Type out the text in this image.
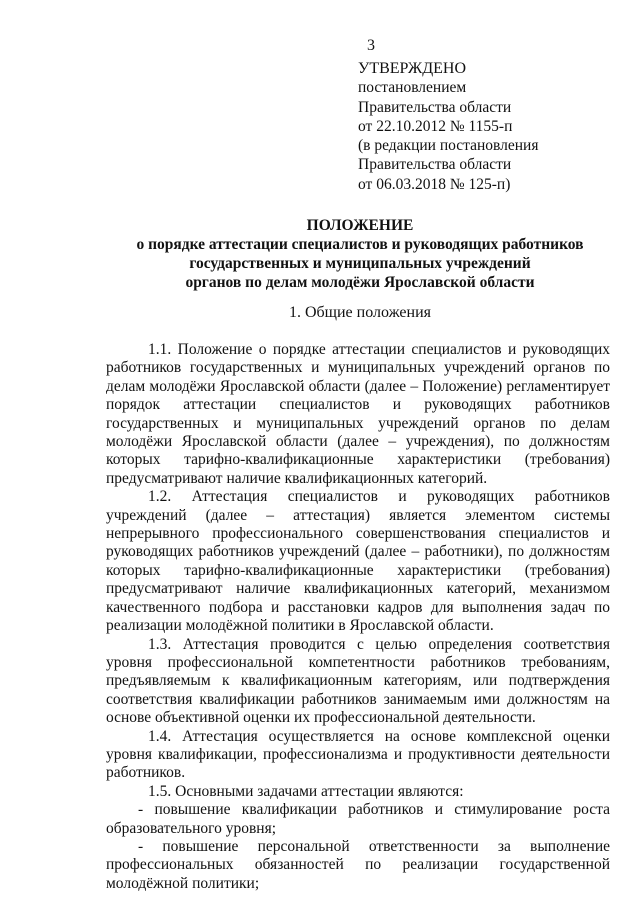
3
УТВЕРЖДЕНО
постановлением
Правительства области
от 22.10.2012 № 1155-п
(в редакции постановления
Правительства области
от 06.03.2018 № 125-п)
ПОЛОЖЕНИЕ
о порядке аттестации специалистов и руководящих работников
государственных и муниципальных учреждений
органов по делам молодёжи Ярославской области
1. Общие положения

1.1. Положение о порядке аттестации специалистов и руководящих работников государственных и муниципальных учреждений органов по делам молодёжи Ярославской области (далее – Положение) регламентирует порядок аттестации специалистов и руководящих работников государственных и муниципальных учреждений органов по делам молодёжи Ярославской области (далее – учреждения), по должностям которых тарифно-квалификационные характеристики (требования) предусматривают наличие квалификационных категорий.

1.2. Аттестация специалистов и руководящих работников учреждений (далее – аттестация) является элементом системы непрерывного профессионального совершенствования специалистов и руководящих работников учреждений (далее – работники), по должностям которых тарифно-квалификационные характеристики (требования) предусматривают наличие квалификационных категорий, механизмом качественного подбора и расстановки кадров для выполнения задач по реализации молодёжной политики в Ярославской области.

1.3. Аттестация проводится с целью определения соответствия уровня профессиональной компетентности работников требованиям, предъявляемым к квалификационным категориям, или подтверждения соответствия квалификации работников занимаемым ими должностям на основе объективной оценки их профессиональной деятельности.

1.4. Аттестация осуществляется на основе комплексной оценки уровня квалификации, профессионализма и продуктивности деятельности работников.

1.5. Основными задачами аттестации являются:

- повышение квалификации работников и стимулирование роста образовательного уровня;

- повышение персональной ответственности за выполнение профессиональных обязанностей по реализации государственной молодёжной политики;
